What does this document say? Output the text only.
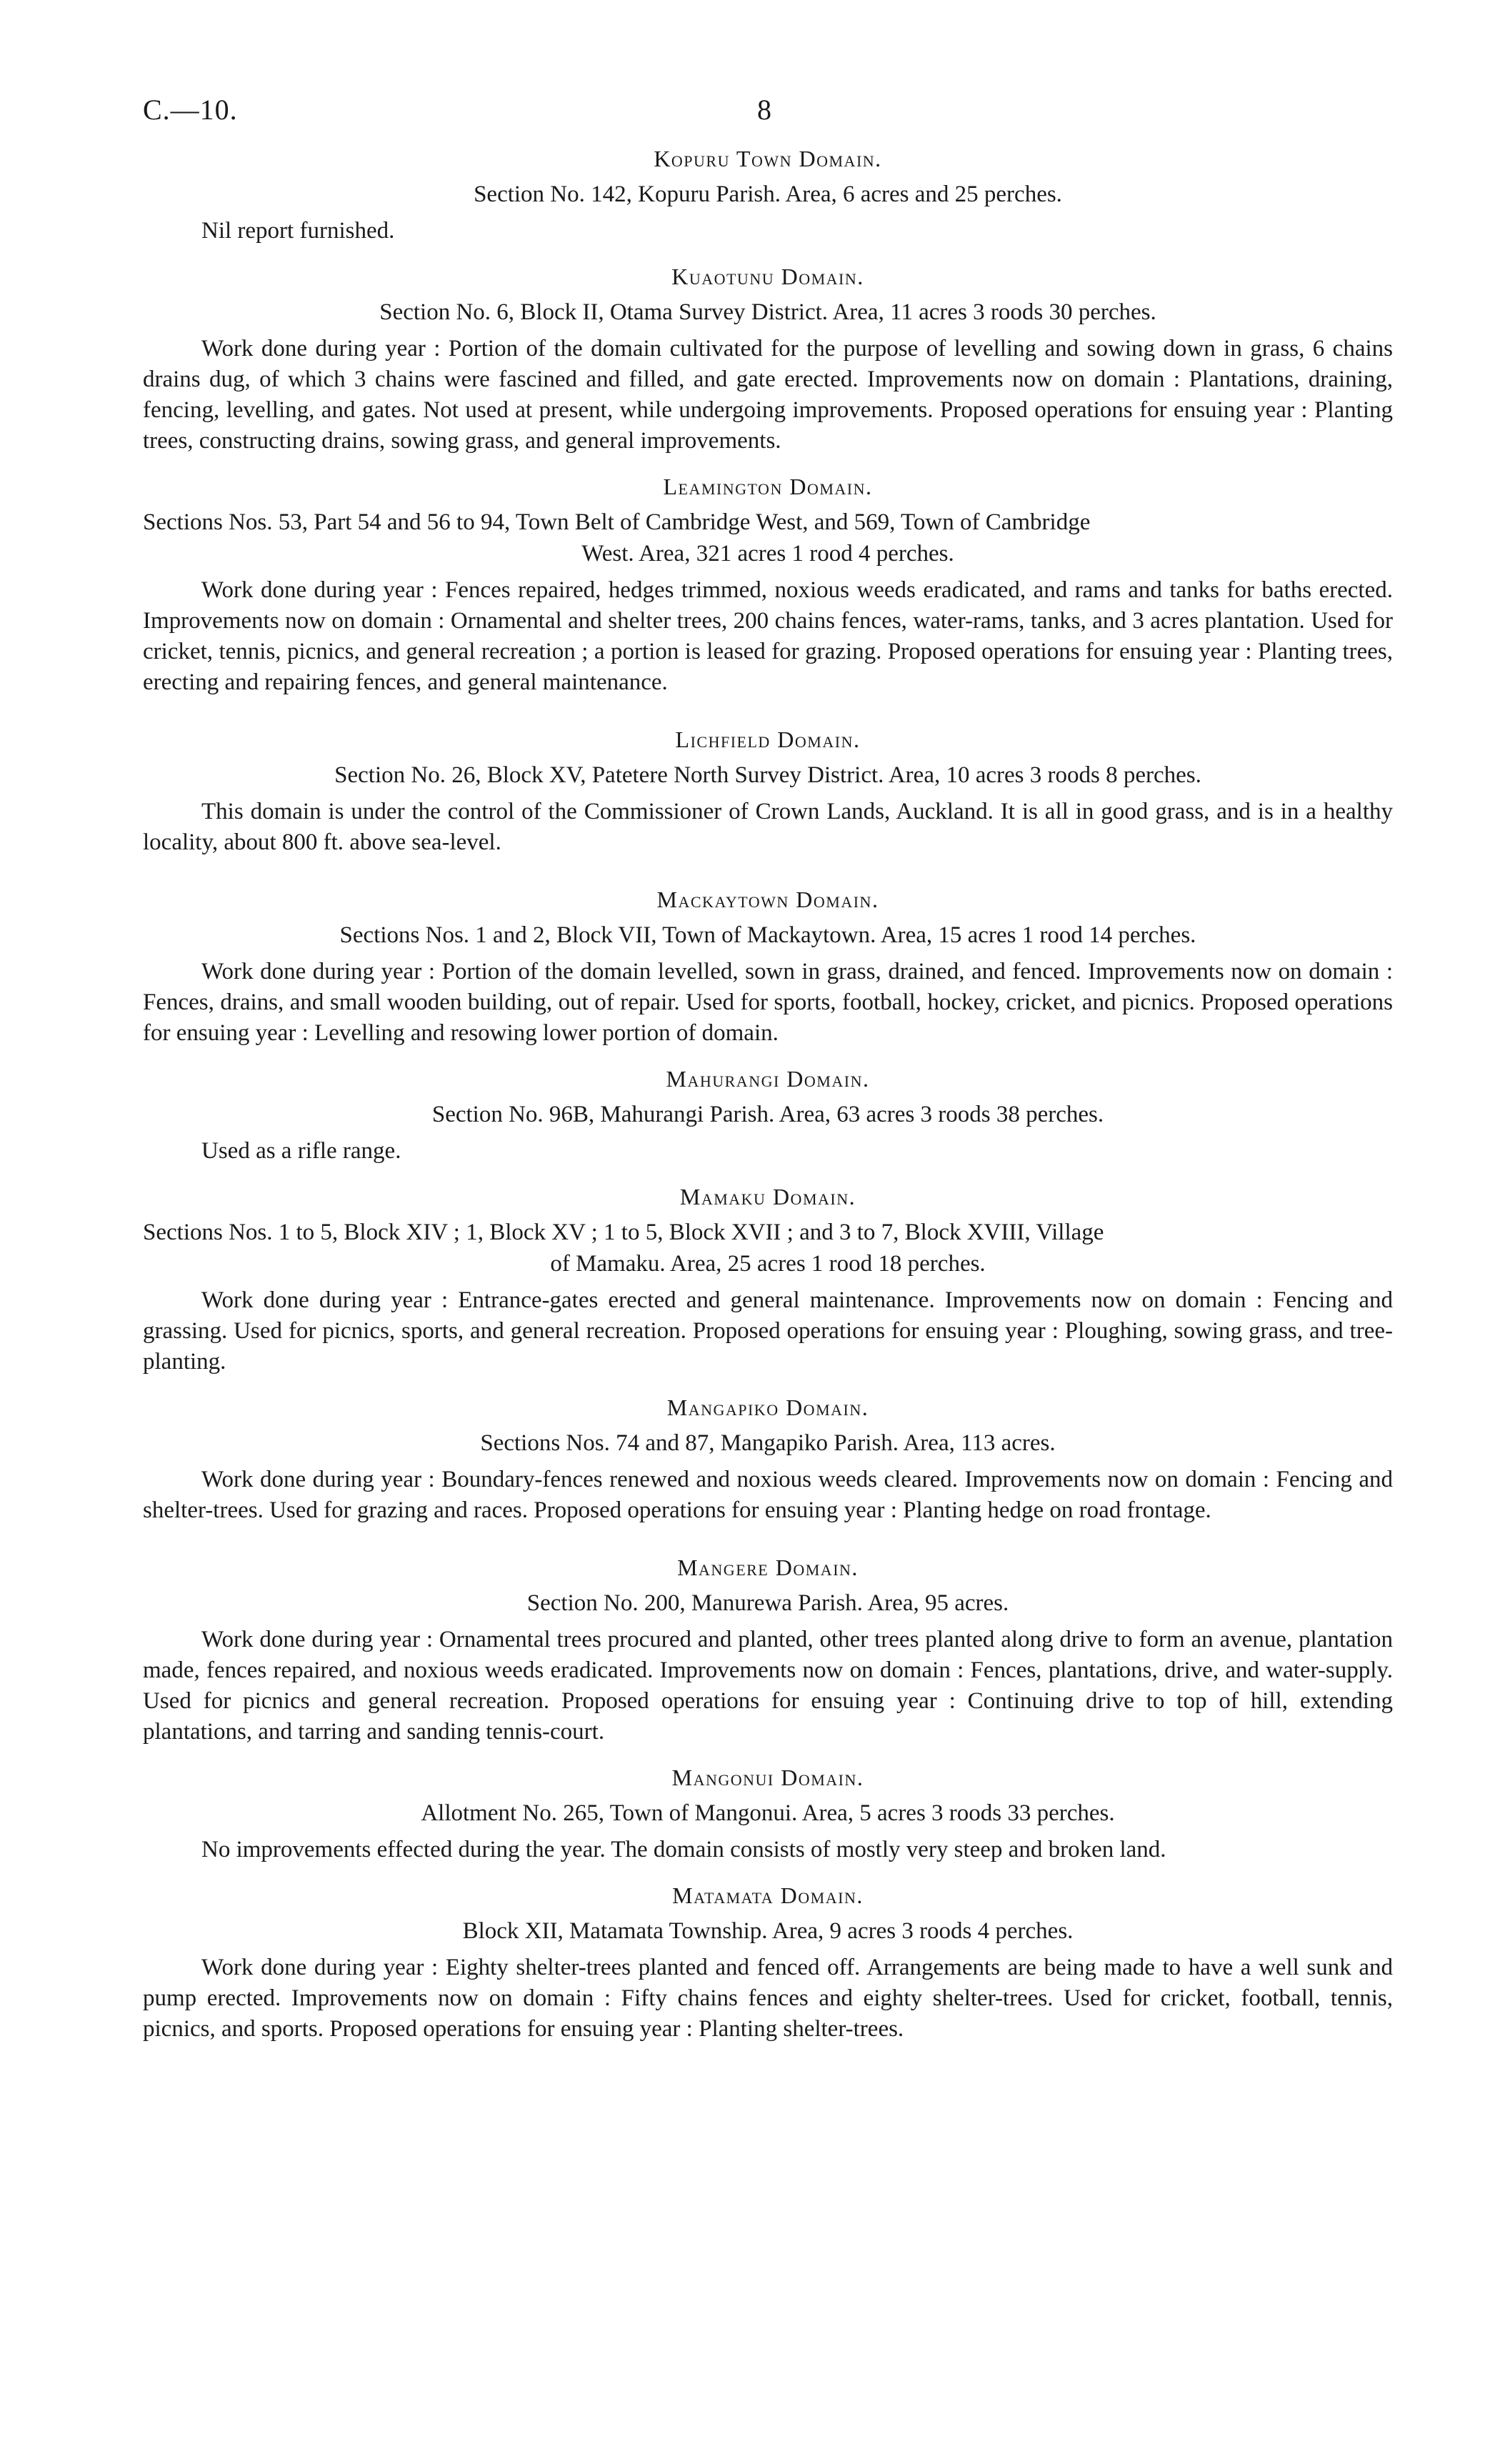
C.—10.	8
Kopuru Town Domain.
Section No. 142, Kopuru Parish. Area, 6 acres and 25 perches.

Nil report furnished.

Kuaotunu Domain.
Section No. 6, Block II, Otama Survey District. Area, 11 acres 3 roods 30 perches.

Work done during year : Portion of the domain cultivated for the purpose of levelling and sowing down in grass, 6 chains drains dug, of which 3 chains were fascined and filled, and gate erected. Improvements now on domain : Plantations, draining, fencing, levelling, and gates. Not used at present, while undergoing improvements. Proposed operations for ensuing year : Planting trees, constructing drains, sowing grass, and general improvements.

Leamington Domain.
Sections Nos. 53, Part 54 and 56 to 94, Town Belt of Cambridge West, and 569, Town of Cambridge
West. Area, 321 acres 1 rood 4 perches.

Work done during year : Fences repaired, hedges trimmed, noxious weeds eradicated, and rams and tanks for baths erected. Improvements now on domain : Ornamental and shelter trees, 200 chains fences, water-rams, tanks, and 3 acres plantation. Used for cricket, tennis, picnics, and general recreation ; a portion is leased for grazing. Proposed operations for ensuing year : Planting trees, erecting and repairing fences, and general maintenance.

Lichfield Domain.
Section No. 26, Block XV, Patetere North Survey District. Area, 10 acres 3 roods 8 perches.

This domain is under the control of the Commissioner of Crown Lands, Auckland. It is all in good grass, and is in a healthy locality, about 800 ft. above sea-level.

Mackaytown Domain.
Sections Nos. 1 and 2, Block VII, Town of Mackaytown. Area, 15 acres 1 rood 14 perches.

Work done during year : Portion of the domain levelled, sown in grass, drained, and fenced. Improvements now on domain : Fences, drains, and small wooden building, out of repair. Used for sports, football, hockey, cricket, and picnics. Proposed operations for ensuing year : Levelling and resowing lower portion of domain.

Mahurangi Domain.
Section No. 96B, Mahurangi Parish. Area, 63 acres 3 roods 38 perches.

Used as a rifle range.

Mamaku Domain.
Sections Nos. 1 to 5, Block XIV ; 1, Block XV ; 1 to 5, Block XVII ; and 3 to 7, Block XVIII, Village
of Mamaku. Area, 25 acres 1 rood 18 perches.

Work done during year : Entrance-gates erected and general maintenance. Improvements now on domain : Fencing and grassing. Used for picnics, sports, and general recreation. Proposed operations for ensuing year : Ploughing, sowing grass, and tree-planting.

Mangapiko Domain.
Sections Nos. 74 and 87, Mangapiko Parish. Area, 113 acres.

Work done during year : Boundary-fences renewed and noxious weeds cleared. Improvements now on domain : Fencing and shelter-trees. Used for grazing and races. Proposed operations for ensuing year : Planting hedge on road frontage.

Mangere Domain.
Section No. 200, Manurewa Parish. Area, 95 acres.

Work done during year : Ornamental trees procured and planted, other trees planted along drive to form an avenue, plantation made, fences repaired, and noxious weeds eradicated. Improvements now on domain : Fences, plantations, drive, and water-supply. Used for picnics and general recreation. Proposed operations for ensuing year : Continuing drive to top of hill, extending plantations, and tarring and sanding tennis-court.

Mangonui Domain.
Allotment No. 265, Town of Mangonui. Area, 5 acres 3 roods 33 perches.

No improvements effected during the year. The domain consists of mostly very steep and broken land.

Matamata Domain.
Block XII, Matamata Township. Area, 9 acres 3 roods 4 perches.

Work done during year : Eighty shelter-trees planted and fenced off. Arrangements are being made to have a well sunk and pump erected. Improvements now on domain : Fifty chains fences and eighty shelter-trees. Used for cricket, football, tennis, picnics, and sports. Proposed operations for ensuing year : Planting shelter-trees.
